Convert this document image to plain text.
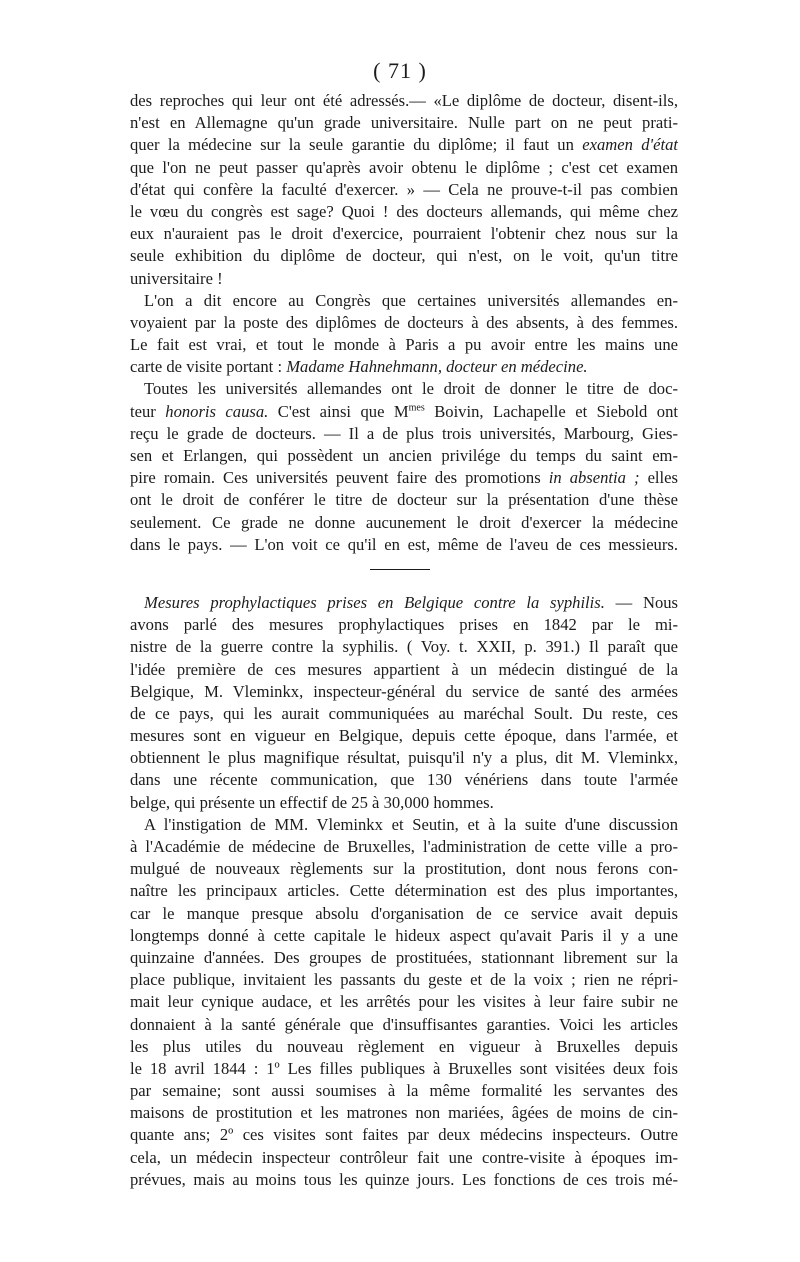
( 71 )
des reproches qui leur ont été adressés.— «Le diplôme de docteur, disent-ils,
n'est en Allemagne qu'un grade universitaire. Nulle part on ne peut prati-
quer la médecine sur la seule garantie du diplôme; il faut un examen d'état
que l'on ne peut passer qu'après avoir obtenu le diplôme ; c'est cet examen
d'état qui confère la faculté d'exercer. » — Cela ne prouve-t-il pas combien
le vœu du congrès est sage? Quoi ! des docteurs allemands, qui même chez
eux n'auraient pas le droit d'exercice, pourraient l'obtenir chez nous sur la
seule exhibition du diplôme de docteur, qui n'est, on le voit, qu'un titre
universitaire !
L'on a dit encore au Congrès que certaines universités allemandes en-
voyaient par la poste des diplômes de docteurs à des absents, à des femmes.
Le fait est vrai, et tout le monde à Paris a pu avoir entre les mains une
carte de visite portant : Madame Hahnehmann, docteur en médecine.
Toutes les universités allemandes ont le droit de donner le titre de doc-
teur honoris causa. C'est ainsi que $M^{mes}$ Boivin, Lachapelle et Siebold ont
reçu le grade de docteurs. — Il a de plus trois universités, Marbourg, Gies-
sen et Erlangen, qui possèdent un ancien privilége du temps du saint em-
pire romain. Ces universités peuvent faire des promotions in absentia ; elles
ont le droit de conférer le titre de docteur sur la présentation d'une thèse
seulement. Ce grade ne donne aucunement le droit d'exercer la médecine
dans le pays. — L'on voit ce qu'il en est, même de l'aveu de ces messieurs.
Mesures prophylactiques prises en Belgique contre la syphilis. — Nous
avons parlé des mesures prophylactiques prises en 1842 par le mi-
nistre de la guerre contre la syphilis. ( Voy. t. XXII, p. 391.) Il paraît que
l'idée première de ces mesures appartient à un médecin distingué de la
Belgique, M. Vleminkx, inspecteur-général du service de santé des armées
de ce pays, qui les aurait communiquées au maréchal Soult. Du reste, ces
mesures sont en vigueur en Belgique, depuis cette époque, dans l'armée, et
obtiennent le plus magnifique résultat, puisqu'il n'y a plus, dit M. Vleminkx,
dans une récente communication, que 130 vénériens dans toute l'armée
belge, qui présente un effectif de 25 à 30,000 hommes.
A l'instigation de MM. Vleminkx et Seutin, et à la suite d'une discussion
à l'Académie de médecine de Bruxelles, l'administration de cette ville a pro-
mulgué de nouveaux règlements sur la prostitution, dont nous ferons con-
naître les principaux articles. Cette détermination est des plus importantes,
car le manque presque absolu d'organisation de ce service avait depuis
longtemps donné à cette capitale le hideux aspect qu'avait Paris il y a une
quinzaine d'années. Des groupes de prostituées, stationnant librement sur la
place publique, invitaient les passants du geste et de la voix ; rien ne répri-
mait leur cynique audace, et les arrêtés pour les visites à leur faire subir ne
donnaient à la santé générale que d'insuffisantes garanties. Voici les articles
les plus utiles du nouveau règlement en vigueur à Bruxelles depuis
le 18 avril 1844 : 1º Les filles publiques à Bruxelles sont visitées deux fois
par semaine; sont aussi soumises à la même formalité les servantes des
maisons de prostitution et les matrones non mariées, âgées de moins de cin-
quante ans; 2º ces visites sont faites par deux médecins inspecteurs. Outre
cela, un médecin inspecteur contrôleur fait une contre-visite à époques im-
prévues, mais au moins tous les quinze jours. Les fonctions de ces trois mé-
